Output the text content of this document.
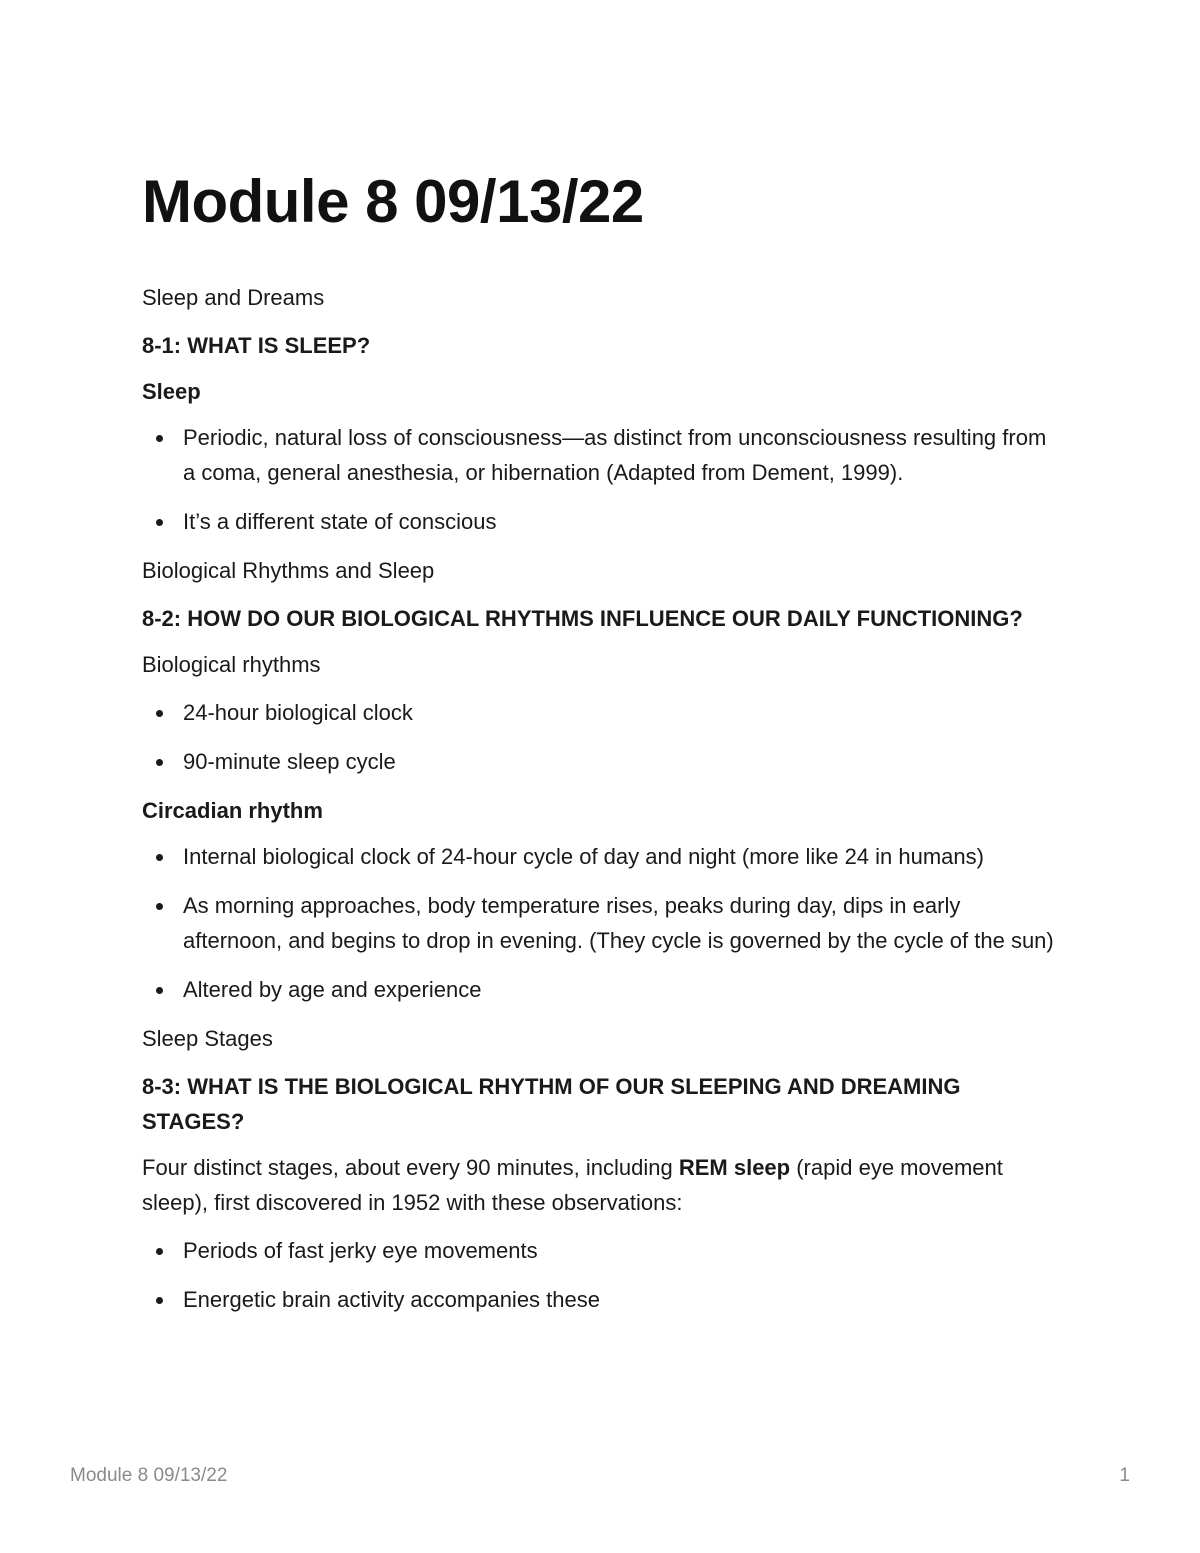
Module 8 09/13/22
Sleep and Dreams
8-1: WHAT IS SLEEP?
Sleep
Periodic, natural loss of consciousness—as distinct from unconsciousness resulting from a coma, general anesthesia, or hibernation (Adapted from Dement, 1999).
It’s a different state of conscious
Biological Rhythms and Sleep
8-2: HOW DO OUR BIOLOGICAL RHYTHMS INFLUENCE OUR DAILY FUNCTIONING?
Biological rhythms
24-hour biological clock
90-minute sleep cycle
Circadian rhythm
Internal biological clock of 24-hour cycle of day and night (more like 24 in humans)
As morning approaches, body temperature rises, peaks during day, dips in early afternoon, and begins to drop in evening. (They cycle is governed by the cycle of the sun)
Altered by age and experience
Sleep Stages
8-3: WHAT IS THE BIOLOGICAL RHYTHM OF OUR SLEEPING AND DREAMING STAGES?
Four distinct stages, about every 90 minutes, including REM sleep (rapid eye movement sleep), first discovered in 1952 with these observations:
Periods of fast jerky eye movements
Energetic brain activity accompanies these
Module 8 09/13/22	1
